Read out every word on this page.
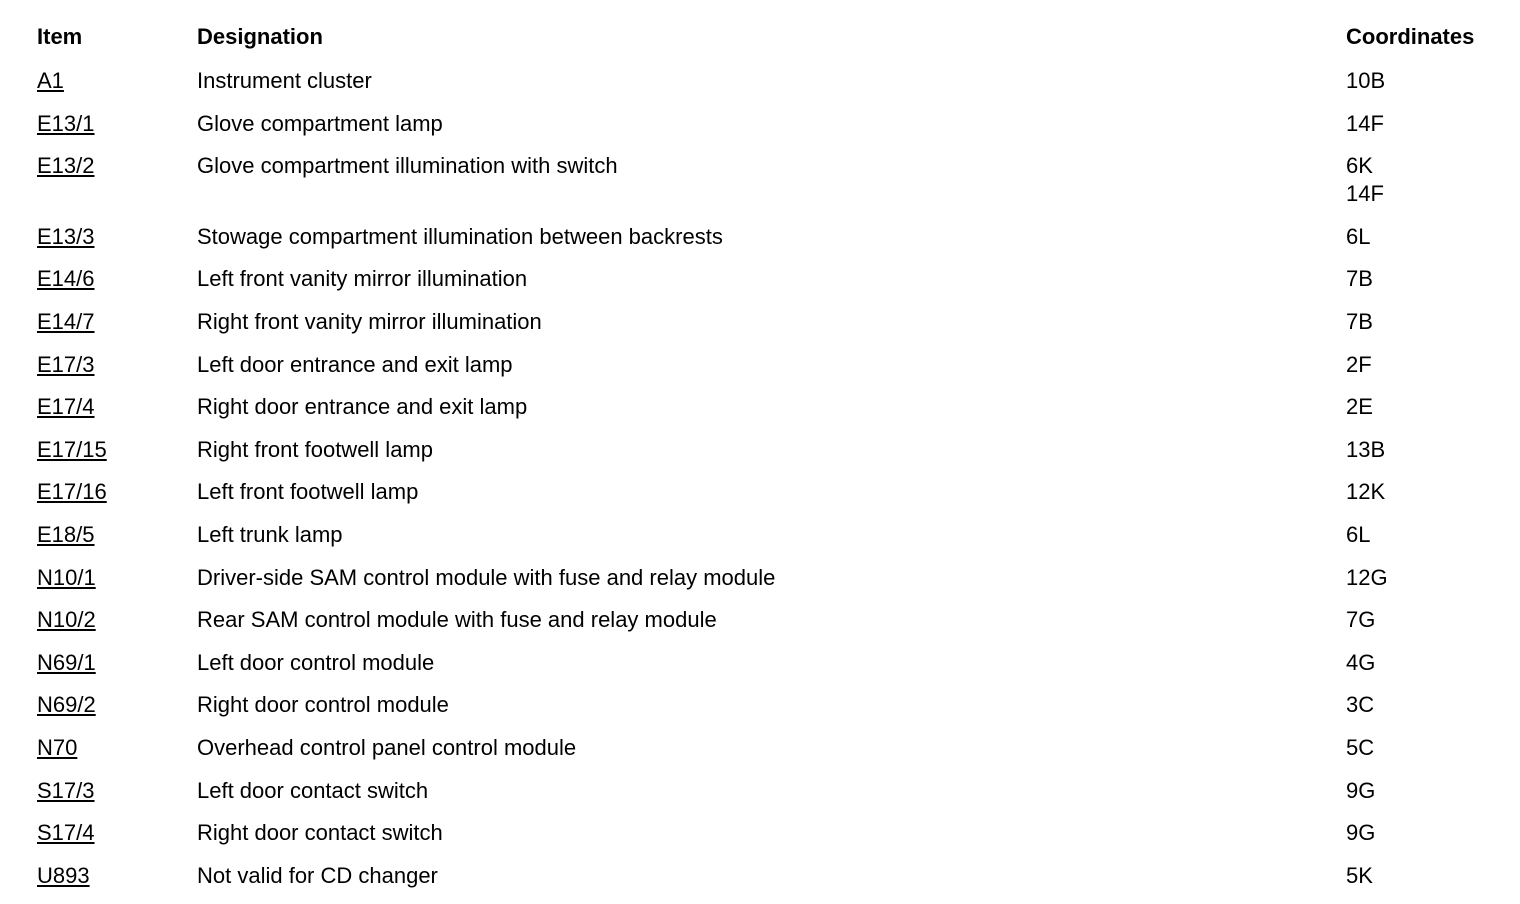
Item	Designation	Coordinates
A1	Instrument cluster	10B
E13/1	Glove compartment lamp	14F
E13/2	Glove compartment illumination with switch	6K
14F
E13/3	Stowage compartment illumination between backrests	6L
E14/6	Left front vanity mirror illumination	7B
E14/7	Right front vanity mirror illumination	7B
E17/3	Left door entrance and exit lamp	2F
E17/4	Right door entrance and exit lamp	2E
E17/15	Right front footwell lamp	13B
E17/16	Left front footwell lamp	12K
E18/5	Left trunk lamp	6L
N10/1	Driver-side SAM control module with fuse and relay module	12G
N10/2	Rear SAM control module with fuse and relay module	7G
N69/1	Left door control module	4G
N69/2	Right door control module	3C
N70	Overhead control panel control module	5C
S17/3	Left door contact switch	9G
S17/4	Right door contact switch	9G
U893	Not valid for CD changer	5K
